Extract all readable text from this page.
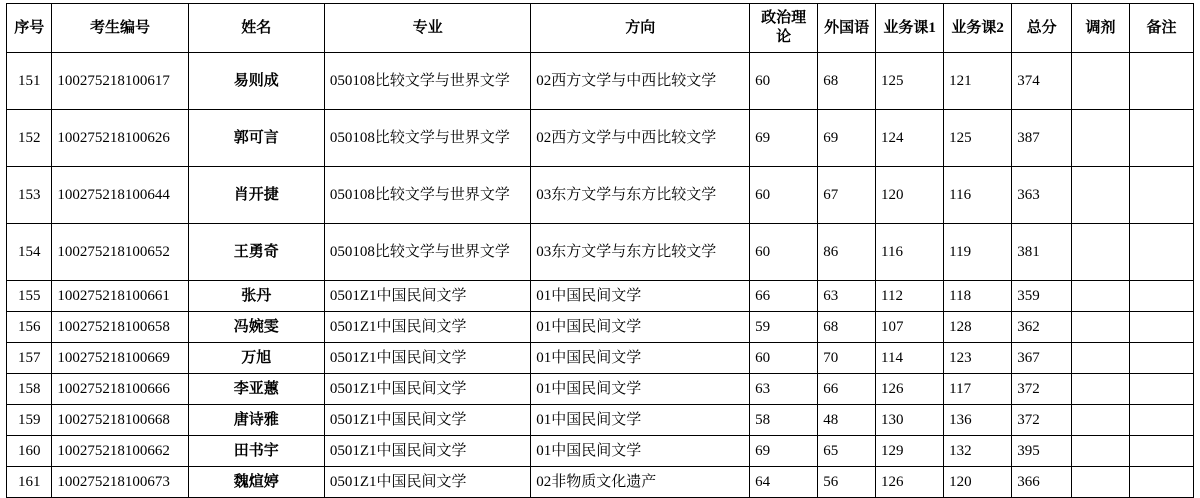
序号	考生编号	姓名	专业	方向	政治理论	外国语	业务课1	业务课2	总分	调剂	备注
151	100275218100617	易则成	050108比较文学与世界文学	02西方文学与中西比较文学	60	68	125	121	374		
152	100275218100626	郭可言	050108比较文学与世界文学	02西方文学与中西比较文学	69	69	124	125	387		
153	100275218100644	肖开捷	050108比较文学与世界文学	03东方文学与东方比较文学	60	67	120	116	363		
154	100275218100652	王勇奇	050108比较文学与世界文学	03东方文学与东方比较文学	60	86	116	119	381		
155	100275218100661	张丹	0501Z1中国民间文学	01中国民间文学	66	63	112	118	359		
156	100275218100658	冯婉雯	0501Z1中国民间文学	01中国民间文学	59	68	107	128	362		
157	100275218100669	万旭	0501Z1中国民间文学	01中国民间文学	60	70	114	123	367		
158	100275218100666	李亚蕙	0501Z1中国民间文学	01中国民间文学	63	66	126	117	372		
159	100275218100668	唐诗雅	0501Z1中国民间文学	01中国民间文学	58	48	130	136	372		
160	100275218100662	田书宇	0501Z1中国民间文学	01中国民间文学	69	65	129	132	395		
161	100275218100673	魏煊婷	0501Z1中国民间文学	02非物质文化遗产	64	56	126	120	366		
